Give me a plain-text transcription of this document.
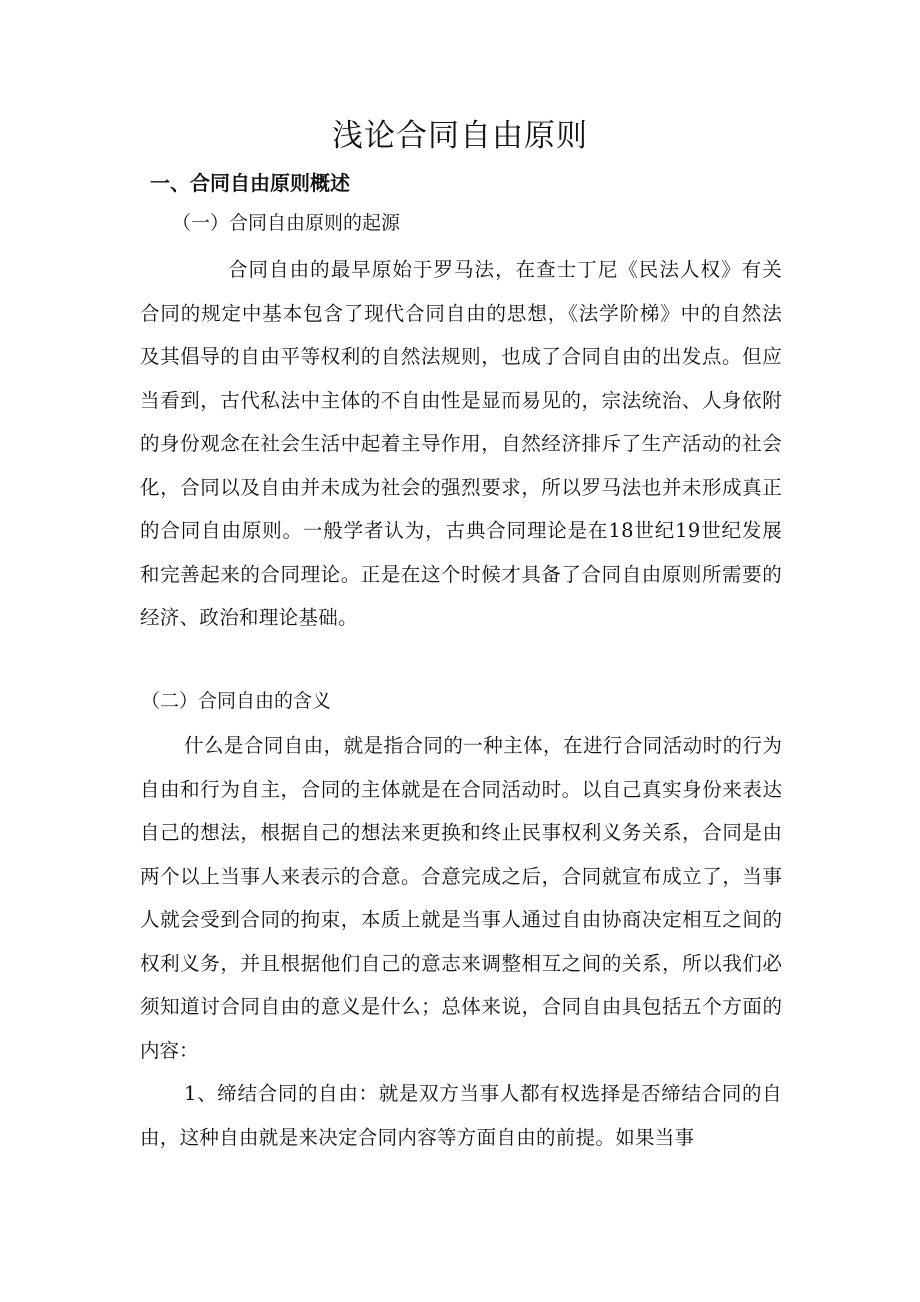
浅论合同自由原则
一、合同自由原则概述
（一）合同自由原则的起源
合同自由的最早原始于罗马法，在查士丁尼《民法人权》有关合同的规定中基本包含了现代合同自由的思想，《法学阶梯》中的自然法及其倡导的自由平等权利的自然法规则，也成了合同自由的出发点。但应当看到，古代私法中主体的不自由性是显而易见的，宗法统治、人身依附的身份观念在社会生活中起着主导作用，自然经济排斥了生产活动的社会化，合同以及自由并未成为社会的强烈要求，所以罗马法也并未形成真正的合同自由原则。一般学者认为，古典合同理论是在18世纪19世纪发展和完善起来的合同理论。正是在这个时候才具备了合同自由原则所需要的经济、政治和理论基础。
（二）合同自由的含义
什么是合同自由，就是指合同的一种主体，在进行合同活动时的行为自由和行为自主，合同的主体就是在合同活动时。以自己真实身份来表达自己的想法，根据自己的想法来更换和终止民事权利义务关系，合同是由两个以上当事人来表示的合意。合意完成之后，合同就宣布成立了，当事人就会受到合同的拘束，本质上就是当事人通过自由协商决定相互之间的权利义务，并且根据他们自己的意志来调整相互之间的关系，所以我们必须知道讨合同自由的意义是什么；总体来说，合同自由具包括五个方面的内容：
1、缔结合同的自由：就是双方当事人都有权选择是否缔结合同的自由，这种自由就是来决定合同内容等方面自由的前提。如果当事
